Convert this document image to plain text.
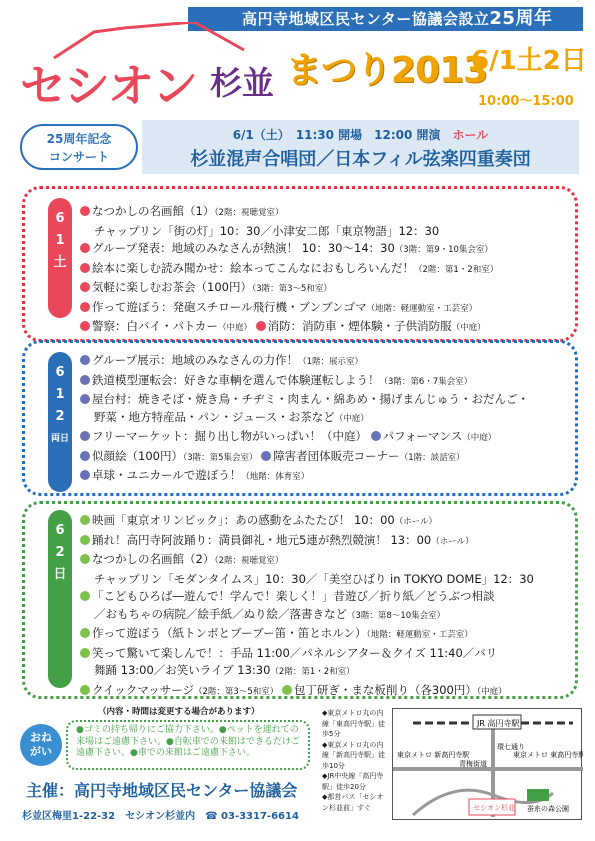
高円寺地域区民センター協議会設立25周年
セシオン 杉並 まつり2013
6/1土2日
10:00～15:00
25周年記念
コンサート
6/1（土）　11:30 開場　12:00 開演　ホール
杉並混声合唱団／日本フィル弦楽四重奏団
6
1
土
6
1
2
両日
6
2
日
なつかしの名画館（1）（2階：視聴覚室）
チャップリン「街の灯」10：30／小津安二郎「東京物語」12：30
グループ発表：地域のみなさんが熱演！ 10：30～14：30（3階：第9・10集会室）
絵本に楽しむ読み聞かせ：絵本ってこんなにおもしろいんだ！（2階：第1・2和室）
気軽に楽しむお茶会（100円）（3階：第3～5和室）
作って遊ぼう：発砲スチロール飛行機・ブンブンゴマ（地階：軽運動室・工芸室）
警察：白バイ・パトカー（中庭） 消防：消防車・煙体験・子供消防服（中庭）
グループ展示：地域のみなさんの力作！（1階：展示室）
鉄道模型運転会：好きな車輌を選んで体験運転しよう！（3階：第6・7集会室）
屋台村：焼きそば・焼き鳥・チヂミ・肉まん・綿あめ・揚げまんじゅう・おだんご・
野菜・地方特産品・パン・ジュース・お茶など（中庭）
フリーマーケット：掘り出し物がいっぱい！（中庭） パフォーマンス（中庭）
似顔絵（100円）（3階：第5集会室） 障害者団体販売コーナー（1階：談話室）
卓球・ユニカールで遊ぼう！（地階：体育室）
映画「東京オリンピック」：あの感動をふたたび！ 10：00（ホール）
踊れ！高円寺阿波踊り：満員御礼・地元5連が熱烈競演！ 13：00（ホール）
なつかしの名画館（2）（2階：視聴覚室）
チャップリン「モダンタイムス」10：30／「美空ひばり in TOKYO DOME」12：30
「こどもひろば―遊んで！学んで！楽しく！」昔遊び／折り紙／どうぶつ相談
／おもちゃの病院／絵手紙／ぬり絵／落書きなど（3階：第8～10集会室）
作って遊ぼう（紙トンボとブーブー笛・笛とホルン）（地階：軽運動室・工芸室）
笑って驚いて楽しんで！：手品 11:00／パネルシアター＆クイズ 11:40／バリ
舞踊 13:00／お笑いライブ 13:30（2階：第1・2和室）
クイックマッサージ（2階：第3～5和室） 包丁研ぎ・まな板削り（各300円）（中庭）
（内容・時間は変更する場合があります）
おね
がい
●ゴミの持ち帰りにご協力下さい。●ペットを連れての来場はご遠慮下さい。●自転車での来館はできるだけご遠慮下さい。●車での来館はご遠慮下さい。
主催：高円寺地域区民センター協議会
杉並区梅里1-22-32　セシオン杉並内　☎ 03-3317-6614
◆東京メトロ丸の内線「東高円寺駅」徒歩5分
◆東京メトロ丸の内線「新高円寺駅」徒歩10分
◆JR中央線「高円寺駅」徒歩20分
◆都営バス「セシオン杉並前」すぐ
JR 高円寺駅
東京メトロ 新高円寺駅	東京メトロ 東高円寺駅
環七通り
青梅街道
セシオン杉並 蚕糸の森公園
